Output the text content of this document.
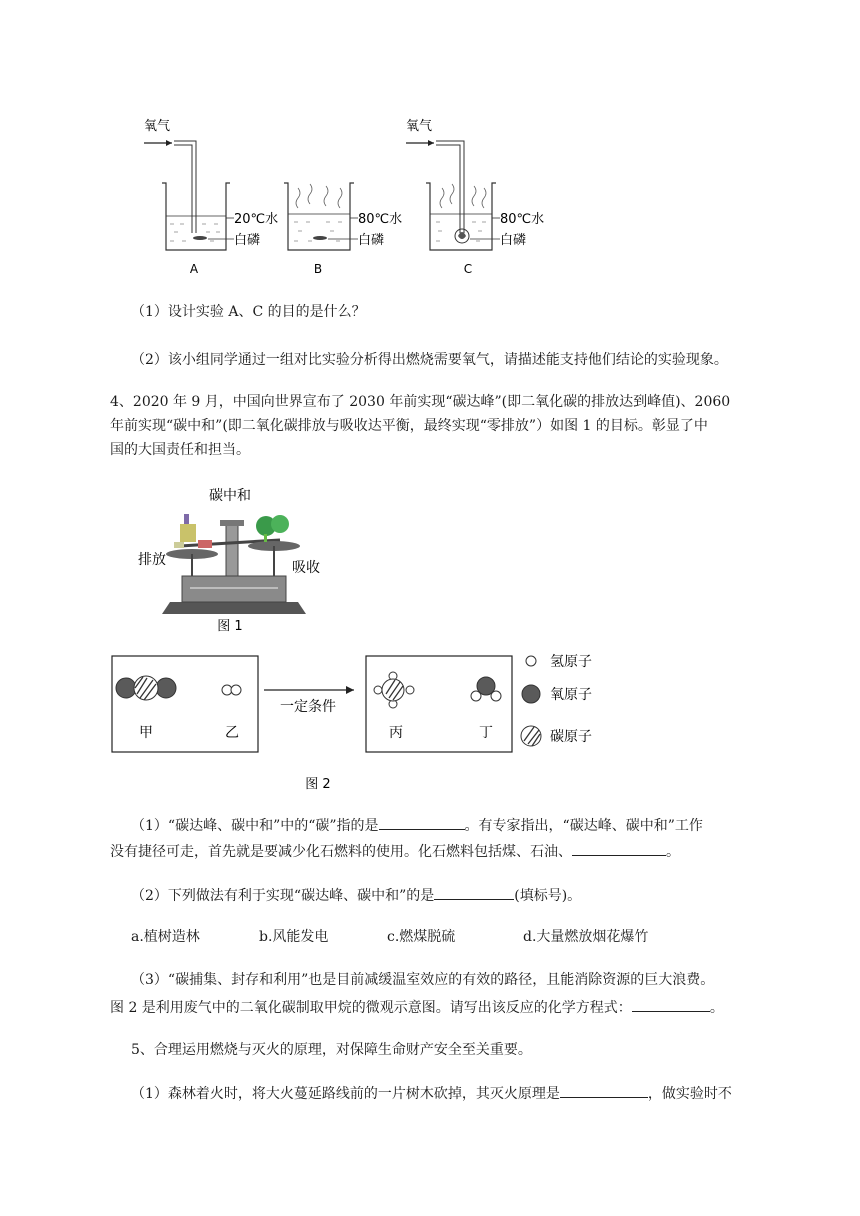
氧气
20℃水
白磷
A
80℃水
白磷
B
氧气
80℃水
白磷
C
（1）设计实验 A、C 的目的是什么？
（2）该小组同学通过一组对比实验分析得出燃烧需要氧气，请描述能支持他们结论的实验现象。
4、2020 年 9 月，中国向世界宣布了 2030 年前实现“碳达峰”(即二氧化碳的排放达到峰值)、2060
年前实现“碳中和”(即二氧化碳排放与吸收达平衡，最终实现“零排放”）如图 1 的目标。彰显了中
国的大国责任和担当。
碳中和
排放	吸收
图 1
甲	乙
一定条件
丙	丁
氢原子
氧原子
碳原子
图 2
（1）“碳达峰、碳中和”中的“碳”指的是	。有专家指出，“碳达峰、碳中和”工作
没有捷径可走，首先就是要减少化石燃料的使用。化石燃料包括煤、石油、	。
（2）下列做法有利于实现“碳达峰、碳中和”的是	(填标号)。
a.植树造林	b.风能发电	c.燃煤脱硫	d.大量燃放烟花爆竹
（3）“碳捕集、封存和利用”也是目前减缓温室效应的有效的路径，且能消除资源的巨大浪费。
图 2 是利用废气中的二氧化碳制取甲烷的微观示意图。请写出该反应的化学方程式：	。
5、合理运用燃烧与灭火的原理，对保障生命财产安全至关重要。
（1）森林着火时，将大火蔓延路线前的一片树木砍掉，其灭火原理是	，做实验时不
